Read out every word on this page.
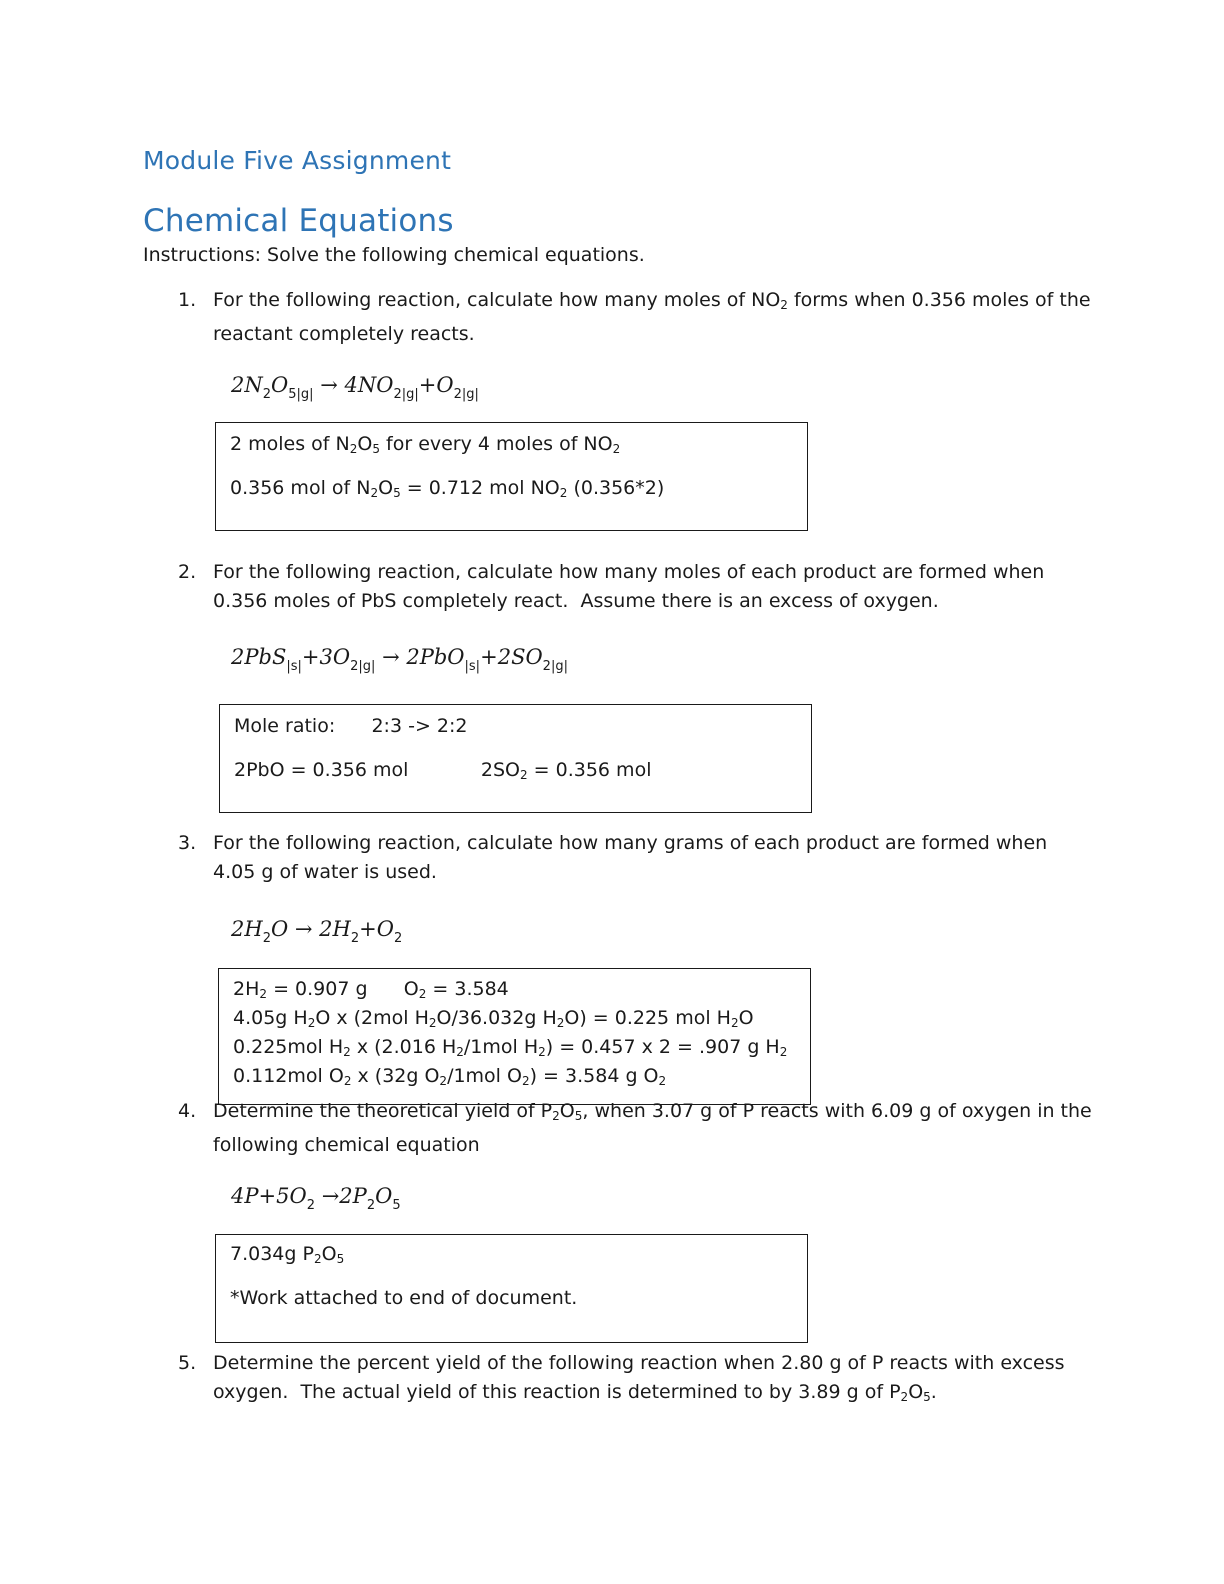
Module Five Assignment
Chemical Equations
Instructions: Solve the following chemical equations.
1. For the following reaction, calculate how many moles of $NO_2$ forms when 0.356 moles of the reactant completely reacts.
$2N_2O_{5|g|} \to 4NO_{2|g|}+O_{2|g|}$
2 moles of $N_2O_5$ for every 4 moles of $NO_2$
0.356 mol of $N_2O_5 = 0.712$ mol $NO_2$ (0.356*2)
2. For the following reaction, calculate how many moles of each product are formed when 0.356 moles of PbS completely react.  Assume there is an excess of oxygen.
$2PbS_{|s|}+3O_{2|g|} \to 2PbO_{|s|}+2SO_{2|g|}$
Mole ratio:      2:3 -> 2:2
2PbO = 0.356 mol            $2SO_2 = 0.356$ mol
3. For the following reaction, calculate how many grams of each product are formed when 4.05 g of water is used.
$2H_2O \to 2H_2+O_2$
$2H_2 = 0.907$ g      $O_2 = 3.584$
4.05g $H_2O$ x (2mol $H_2O/36.032g$ $H_2O) = 0.225$ mol $H_2O$
0.225mol $H_2$ x (2.016 $H_2/1mol$ $H_2) = 0.457$ x 2 = .907 g $H_2$
0.112mol $O_2$ x (32g $O_2/1mol$ $O_2) = 3.584$ g $O_2$
4. Determine the theoretical yield of $P_2O_5$, when 3.07 g of P reacts with 6.09 g of oxygen in the following chemical equation
$4P+5O_2 \to 2P_2O_5$
7.034g $P_2O_5$
*Work attached to end of document.
5. Determine the percent yield of the following reaction when 2.80 g of P reacts with excess oxygen.  The actual yield of this reaction is determined to by 3.89 g of $P_2O_5$.
